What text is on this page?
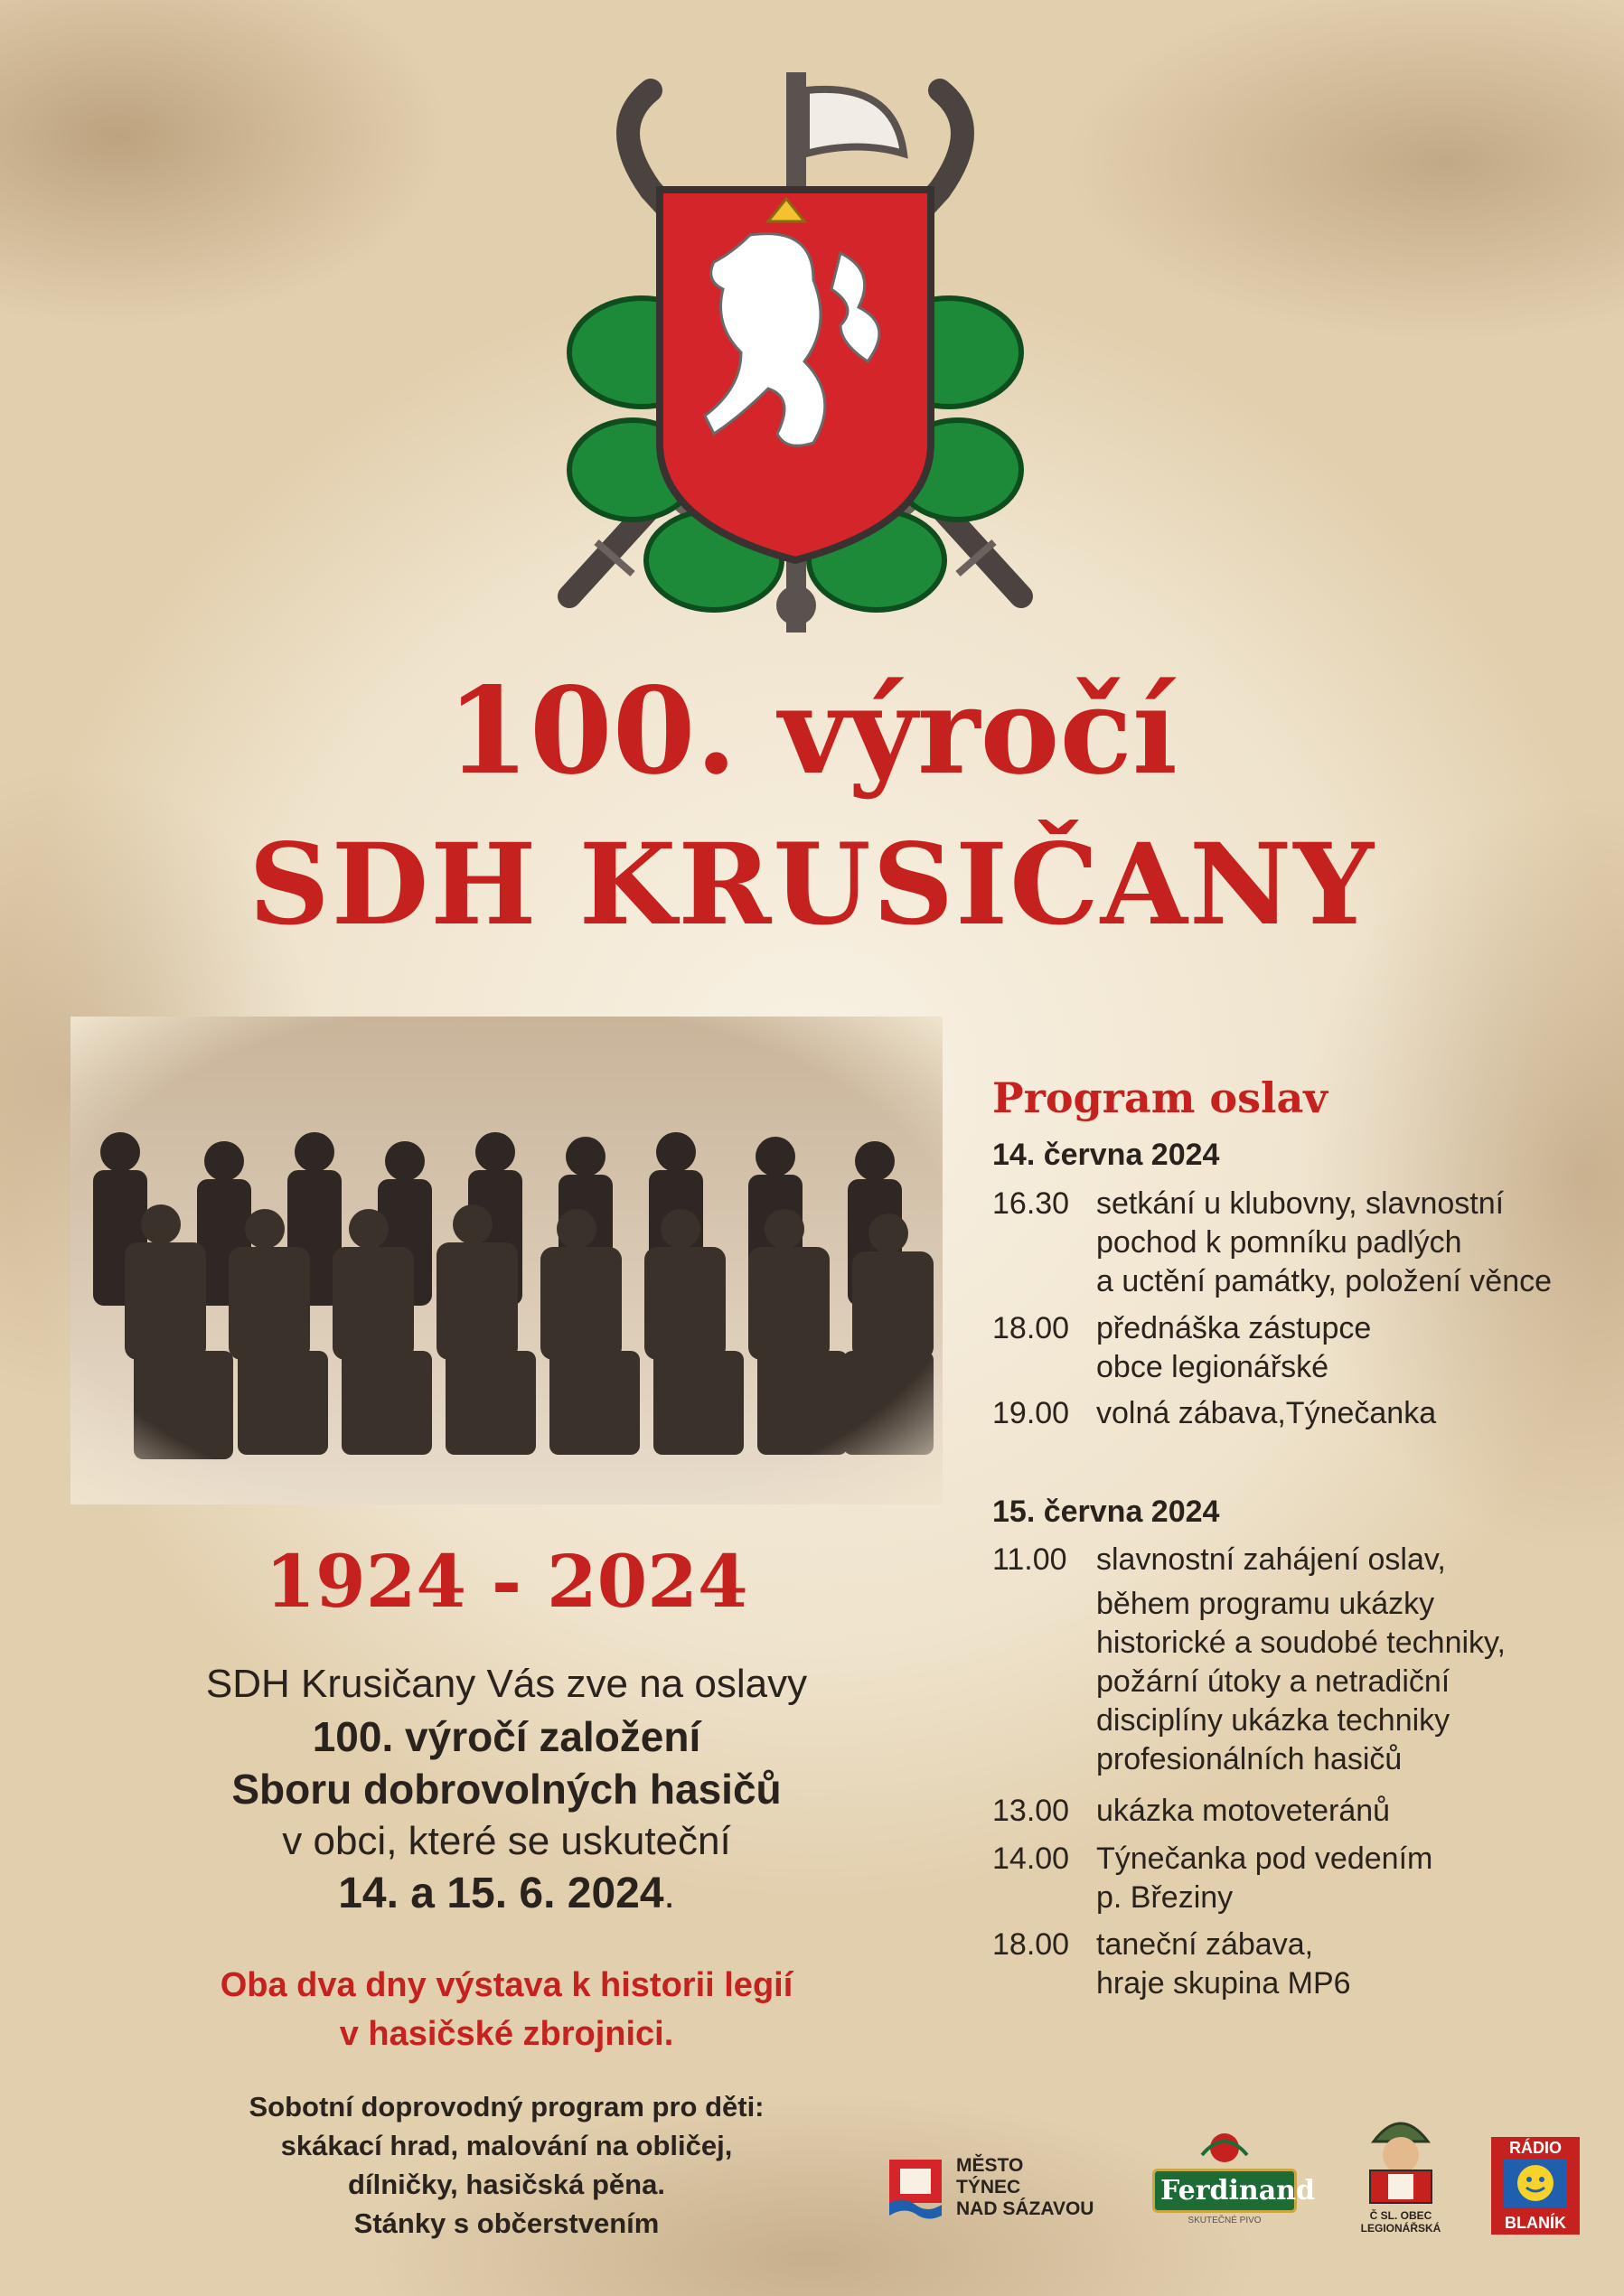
100. výročí
SDH KRUSIČANY
1924 - 2024
SDH Krusičany Vás zve na oslavy
100. výročí založení
Sboru dobrovolných hasičů
v obci, které se uskuteční
14. a 15. 6. 2024.
Oba dva dny výstava k historii legií
v hasičské zbrojnici.
Sobotní doprovodný program pro děti:
skákací hrad, malování na obličej,
dílničky, hasičská pěna.
Stánky s občerstvením
Program oslav
14. června 2024
16.30 setkání u klubovny, slavnostní
pochod k pomníku padlých
a uctění památky, položení věnce
18.00 přednáška zástupce
obce legionářské
19.00 volná zábava,Týnečanka
15. června 2024
11.00 slavnostní zahájení oslav,
během programu ukázky
historické a soudobé techniky,
požární útoky a netradiční
disciplíny ukázka techniky
profesionálních hasičů
13.00 ukázka motoveteránů
14.00 Týnečanka pod vedením
p. Březiny
18.00 taneční zábava,
hraje skupina MP6
MĚSTO
TÝNEC
NAD SÁZAVOU
Ferdinand
SKUTEČNÉ PIVO	Č SL. OBEC
LEGIONÁŘSKÁ
RÁDIO
BLANÍK
